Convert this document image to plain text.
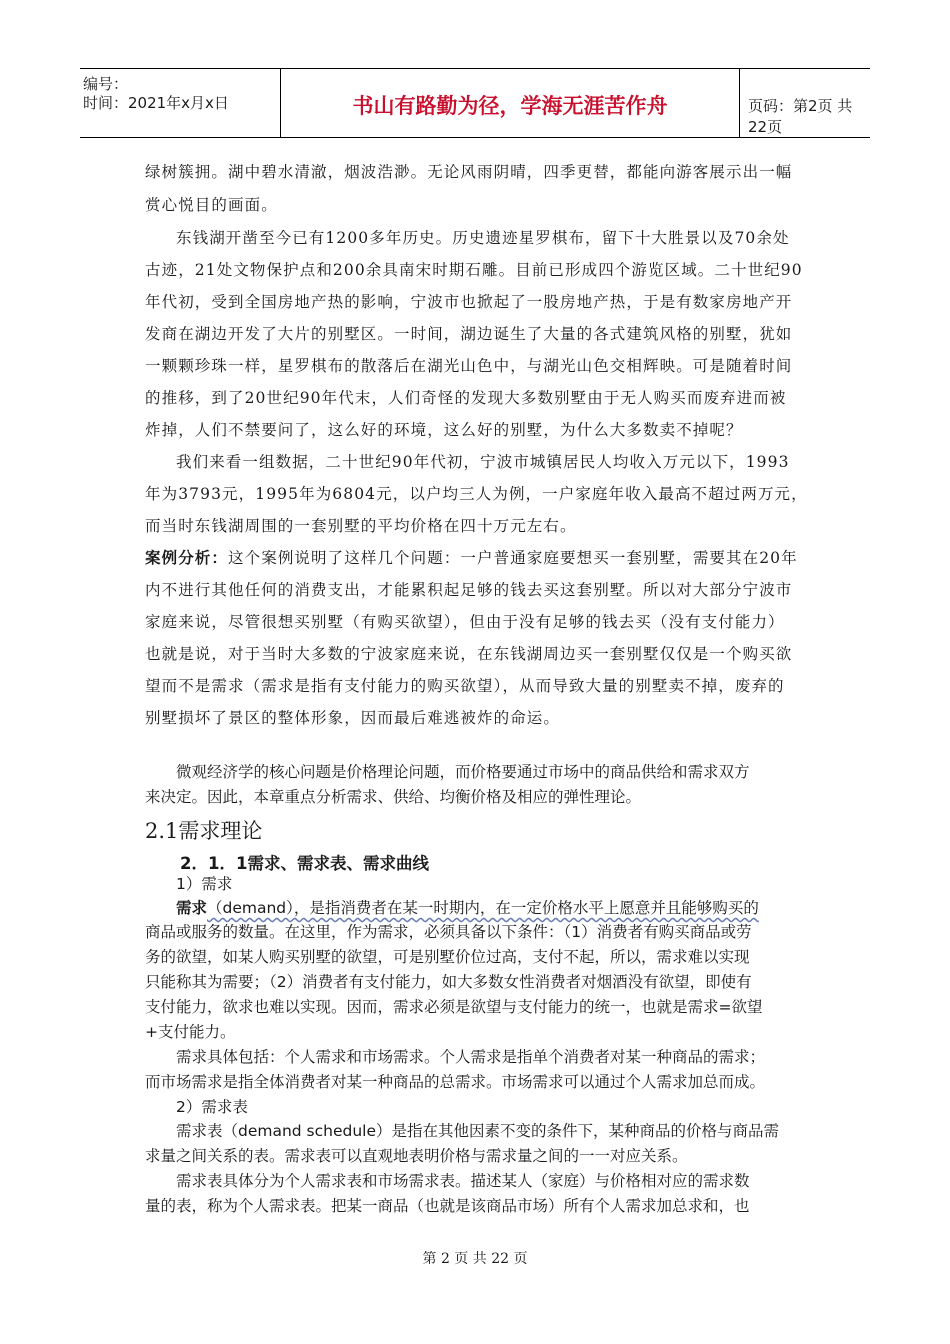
编号：
时间：2021年x月x日	书山有路勤为径，学海无涯苦作舟	页码：第2页 共22页
绿树簇拥。湖中碧水清澈，烟波浩渺。无论风雨阴晴，四季更替，都能向游客展示出一幅
赏心悦目的画面。
东钱湖开凿至今已有1200多年历史。历史遗迹星罗棋布，留下十大胜景以及70余处
古迹，21处文物保护点和200余具南宋时期石雕。目前已形成四个游览区域。二十世纪90
年代初，受到全国房地产热的影响，宁波市也掀起了一股房地产热，于是有数家房地产开
发商在湖边开发了大片的别墅区。一时间，湖边诞生了大量的各式建筑风格的别墅，犹如
一颗颗珍珠一样，星罗棋布的散落后在湖光山色中，与湖光山色交相辉映。可是随着时间
的推移，到了20世纪90年代末，人们奇怪的发现大多数别墅由于无人购买而废弃进而被
炸掉，人们不禁要问了，这么好的环境，这么好的别墅，为什么大多数卖不掉呢？
我们来看一组数据，二十世纪90年代初，宁波市城镇居民人均收入万元以下，1993
年为3793元，1995年为6804元，以户均三人为例，一户家庭年收入最高不超过两万元，
而当时东钱湖周围的一套别墅的平均价格在四十万元左右。
案例分析：这个案例说明了这样几个问题：一户普通家庭要想买一套别墅，需要其在20年
内不进行其他任何的消费支出，才能累积起足够的钱去买这套别墅。所以对大部分宁波市
家庭来说，尽管很想买别墅（有购买欲望），但由于没有足够的钱去买（没有支付能力）
也就是说，对于当时大多数的宁波家庭来说，在东钱湖周边买一套别墅仅仅是一个购买欲
望而不是需求（需求是指有支付能力的购买欲望），从而导致大量的别墅卖不掉，废弃的
别墅损坏了景区的整体形象，因而最后难逃被炸的命运。
微观经济学的核心问题是价格理论问题，而价格要通过市场中的商品供给和需求双方
来决定。因此，本章重点分析需求、供给、均衡价格及相应的弹性理论。
2.1需求理论
2．1．1需求、需求表、需求曲线
1）需求
需求（demand），是指消费者在某一时期内，在一定价格水平上愿意并且能够购买的
商品或服务的数量。在这里，作为需求，必须具备以下条件：（1）消费者有购买商品或劳
务的欲望，如某人购买别墅的欲望，可是别墅价位过高，支付不起，所以，需求难以实现
只能称其为需要；（2）消费者有支付能力，如大多数女性消费者对烟酒没有欲望，即使有
支付能力，欲求也难以实现。因而，需求必须是欲望与支付能力的统一，也就是需求=欲望
+支付能力。
需求具体包括：个人需求和市场需求。个人需求是指单个消费者对某一种商品的需求；
而市场需求是指全体消费者对某一种商品的总需求。市场需求可以通过个人需求加总而成。
2）需求表
需求表（demand schedule）是指在其他因素不变的条件下，某种商品的价格与商品需
求量之间关系的表。需求表可以直观地表明价格与需求量之间的一一对应关系。
需求表具体分为个人需求表和市场需求表。描述某人（家庭）与价格相对应的需求数
量的表，称为个人需求表。把某一商品（也就是该商品市场）所有个人需求加总求和，也
第 2 页 共 22 页
